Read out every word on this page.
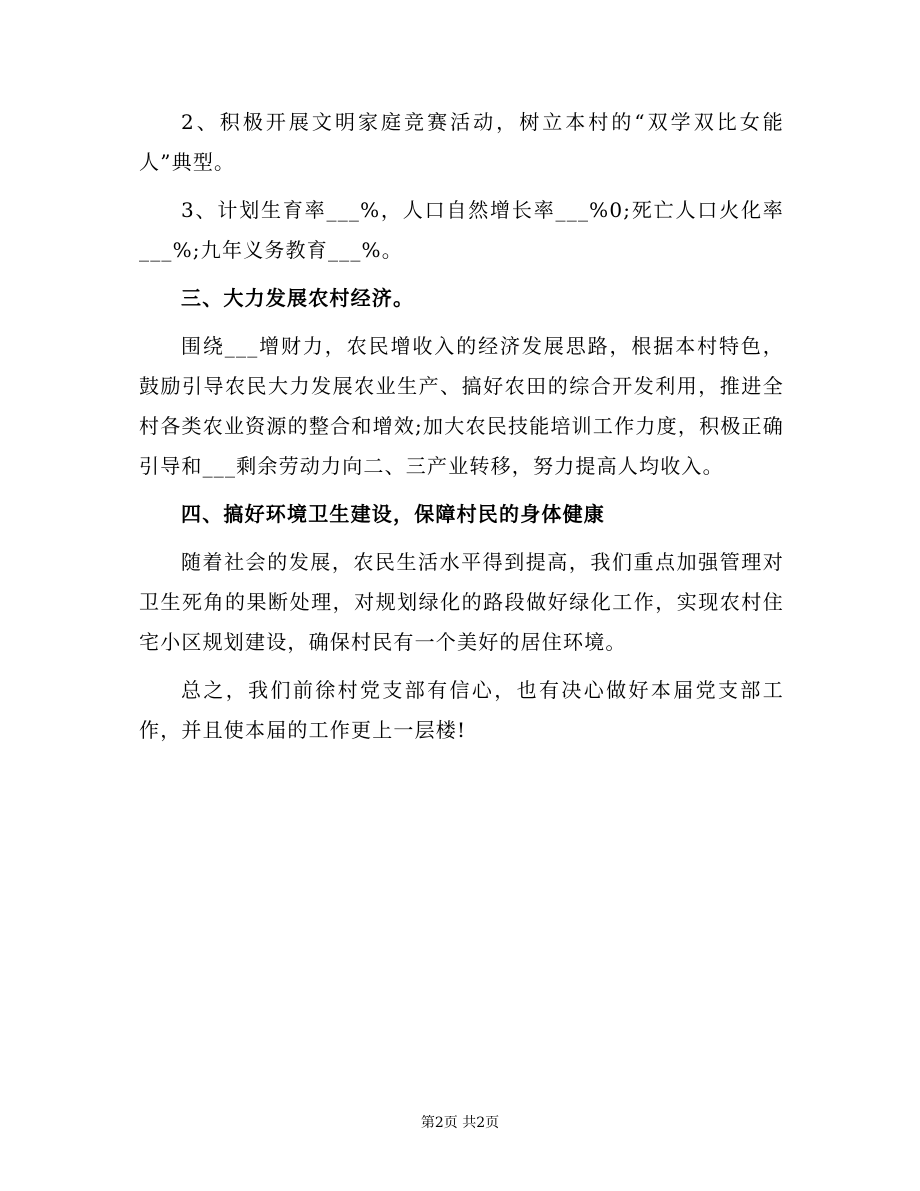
2、积极开展文明家庭竞赛活动，树立本村的“双学双比女能人”典型。

3、计划生育率___%，人口自然增长率___%0;死亡人口火化率___%;九年义务教育___%。

三、大力发展农村经济。

围绕___增财力，农民增收入的经济发展思路，根据本村特色，鼓励引导农民大力发展农业生产、搞好农田的综合开发利用，推进全村各类农业资源的整合和增效;加大农民技能培训工作力度，积极正确引导和___剩余劳动力向二、三产业转移，努力提高人均收入。

四、搞好环境卫生建设，保障村民的身体健康

随着社会的发展，农民生活水平得到提高，我们重点加强管理对卫生死角的果断处理，对规划绿化的路段做好绿化工作，实现农村住宅小区规划建设，确保村民有一个美好的居住环境。

总之，我们前徐村党支部有信心，也有决心做好本届党支部工作，并且使本届的工作更上一层楼!

第2页 共2页
